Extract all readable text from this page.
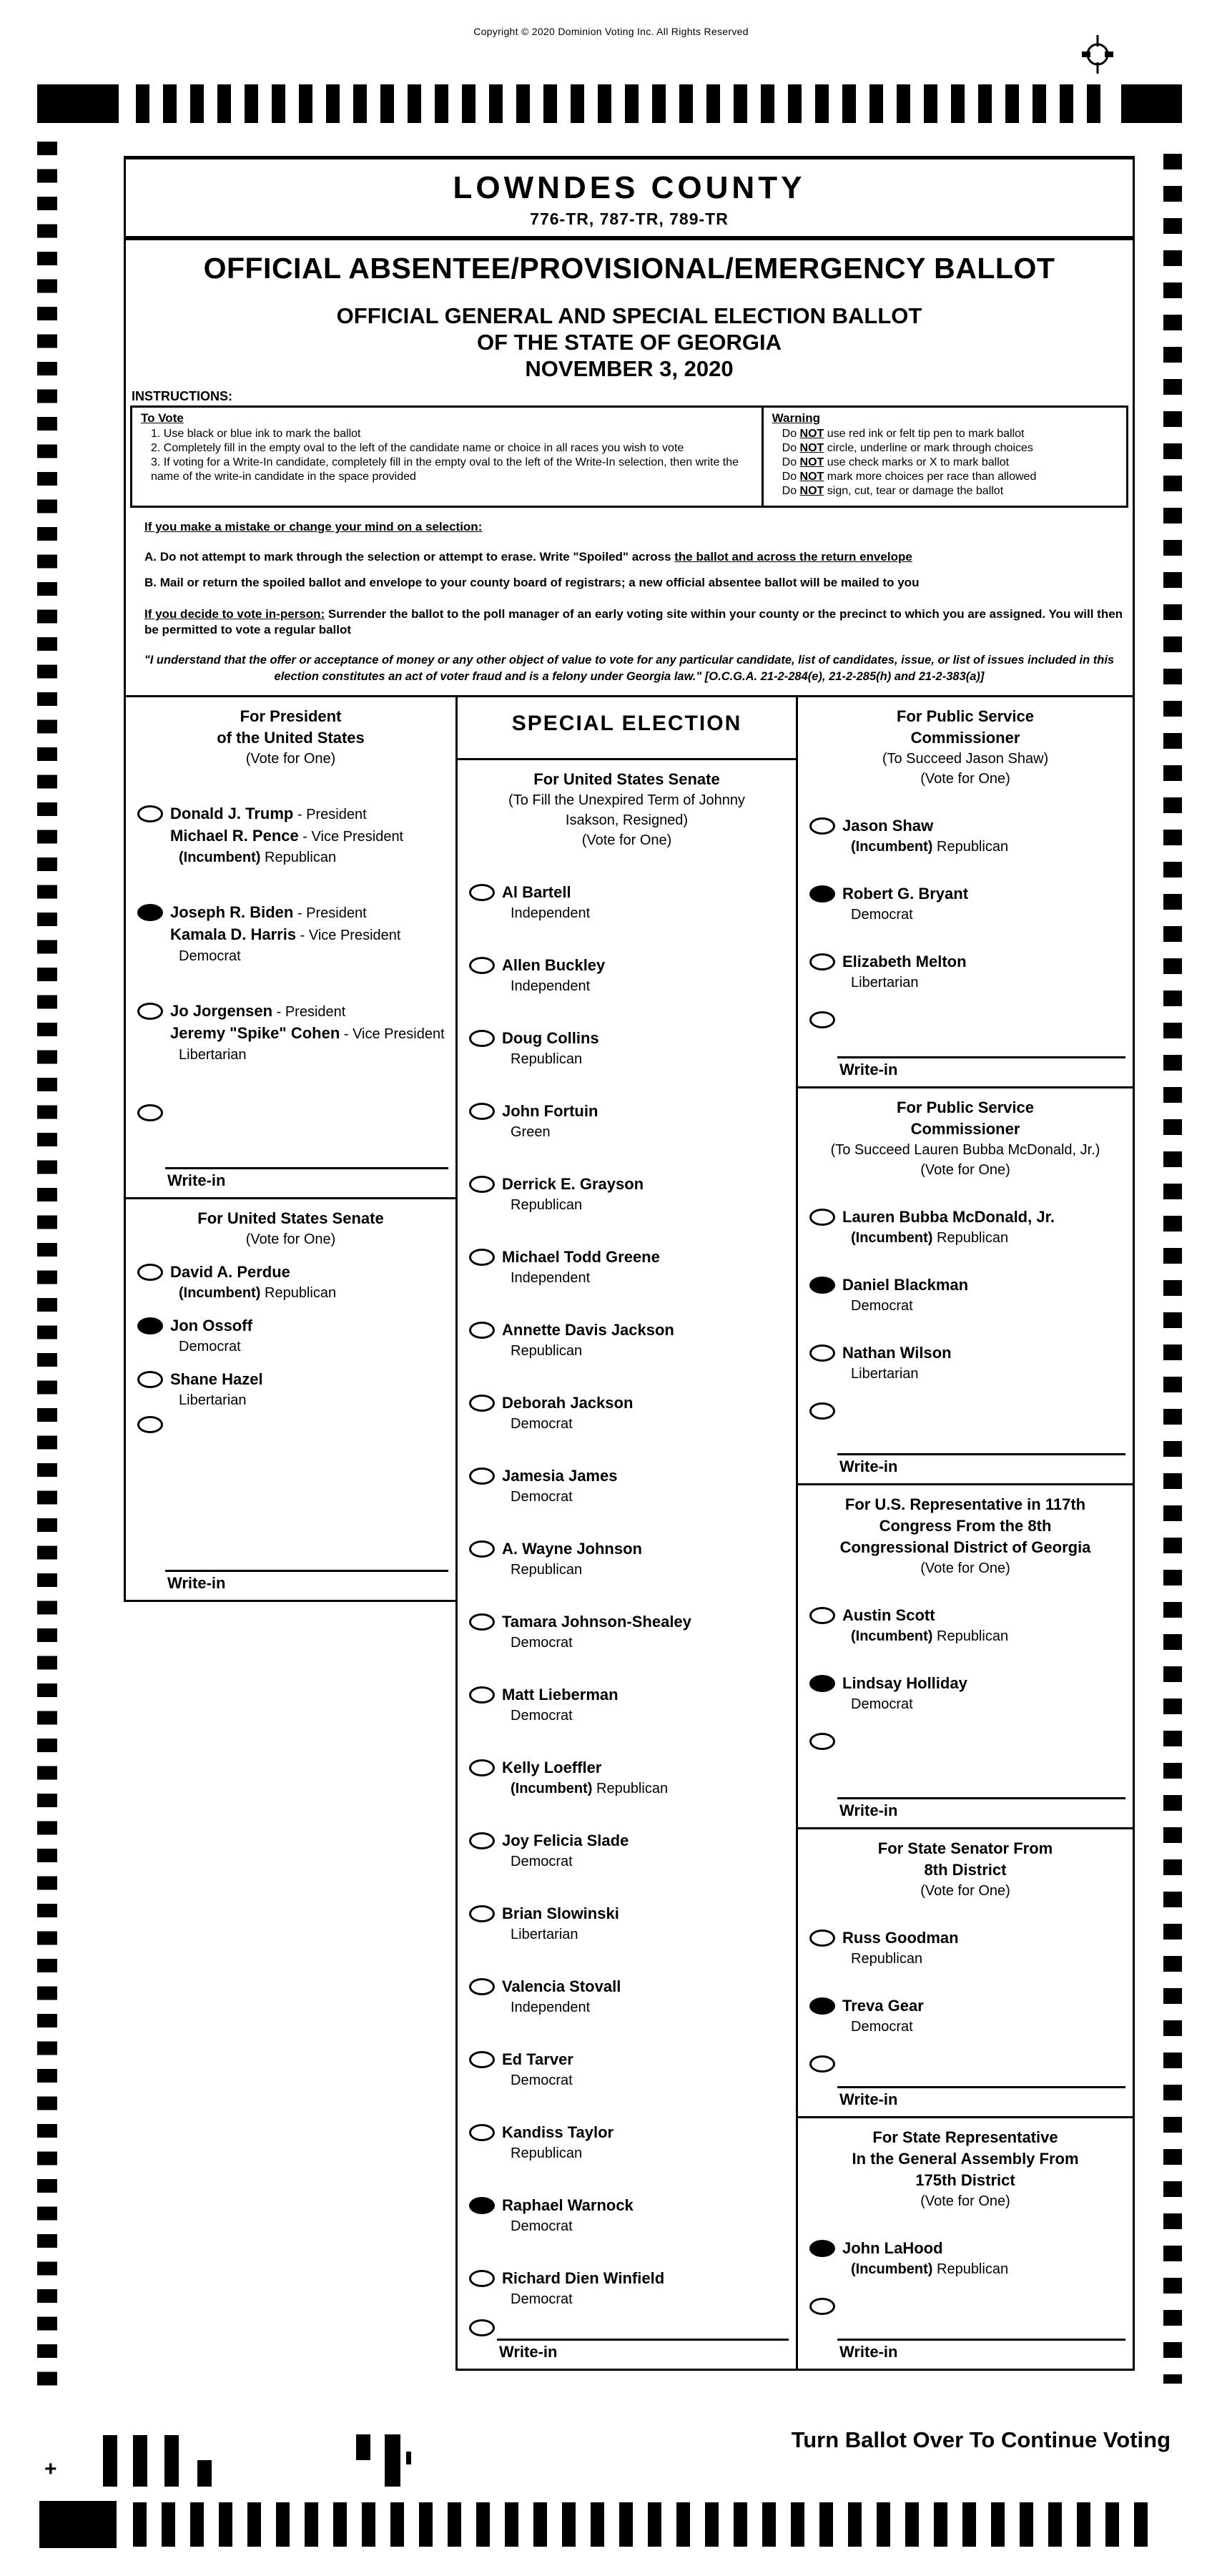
Copyright © 2020 Dominion Voting Inc. All Rights Reserved
LOWNDES COUNTY
776-TR, 787-TR, 789-TR
OFFICIAL ABSENTEE/PROVISIONAL/EMERGENCY BALLOT
OFFICIAL GENERAL AND SPECIAL ELECTION BALLOT
OF THE STATE OF GEORGIA
NOVEMBER 3, 2020
INSTRUCTIONS:
To Vote
1. Use black or blue ink to mark the ballot
2. Completely fill in the empty oval to the left of the candidate name or choice in all races you wish to vote
3. If voting for a Write-In candidate, completely fill in the empty oval to the left of the Write-In selection, then write the name of the write-in candidate in the space provided
Warning
Do NOT use red ink or felt tip pen to mark ballot
Do NOT circle, underline or mark through choices
Do NOT use check marks or X to mark ballot
Do NOT mark more choices per race than allowed
Do NOT sign, cut, tear or damage the ballot
If you make a mistake or change your mind on a selection:
A. Do not attempt to mark through the selection or attempt to erase. Write "Spoiled" across the ballot and across the return envelope
B. Mail or return the spoiled ballot and envelope to your county board of registrars; a new official absentee ballot will be mailed to you
If you decide to vote in-person: Surrender the ballot to the poll manager of an early voting site within your county or the precinct to which you are assigned. You will then be permitted to vote a regular ballot
"I understand that the offer or acceptance of money or any other object of value to vote for any particular candidate, list of candidates, issue, or list of issues included in this election constitutes an act of voter fraud and is a felony under Georgia law." [O.C.G.A. 21-2-284(e), 21-2-285(h) and 21-2-383(a)]
For President
of the United States
(Vote for One)
Donald J. Trump - President
Michael R. Pence - Vice President
(Incumbent) Republican
Joseph R. Biden - President
Kamala D. Harris - Vice President
Democrat
Jo Jorgensen - President
Jeremy "Spike" Cohen - Vice President
Libertarian
Write-in
For United States Senate
(Vote for One)
David A. Perdue
(Incumbent) Republican
Jon Ossoff
Democrat
Shane Hazel
Libertarian
Write-in
SPECIAL ELECTION
For United States Senate
(To Fill the Unexpired Term of Johnny
Isakson, Resigned)
(Vote for One)
Al Bartell
Independent
Allen Buckley
Independent
Doug Collins
Republican
John Fortuin
Green
Derrick E. Grayson
Republican
Michael Todd Greene
Independent
Annette Davis Jackson
Republican
Deborah Jackson
Democrat
Jamesia James
Democrat
A. Wayne Johnson
Republican
Tamara Johnson-Shealey
Democrat
Matt Lieberman
Democrat
Kelly Loeffler
(Incumbent) Republican
Joy Felicia Slade
Democrat
Brian Slowinski
Libertarian
Valencia Stovall
Independent
Ed Tarver
Democrat
Kandiss Taylor
Republican
Raphael Warnock
Democrat
Richard Dien Winfield
Democrat
Write-in
For Public Service
Commissioner
(To Succeed Jason Shaw)
(Vote for One)
Jason Shaw
(Incumbent) Republican
Robert G. Bryant
Democrat
Elizabeth Melton
Libertarian
Write-in
For Public Service
Commissioner
(To Succeed Lauren Bubba McDonald, Jr.)
(Vote for One)
Lauren Bubba McDonald, Jr.
(Incumbent) Republican
Daniel Blackman
Democrat
Nathan Wilson
Libertarian
Write-in
For U.S. Representative in 117th
Congress From the 8th
Congressional District of Georgia
(Vote for One)
Austin Scott
(Incumbent) Republican
Lindsay Holliday
Democrat
Write-in
For State Senator From
8th District
(Vote for One)
Russ Goodman
Republican
Treva Gear
Democrat
Write-in
For State Representative
In the General Assembly From
175th District
(Vote for One)
John LaHood
(Incumbent) Republican
Write-in
+
Turn Ballot Over To Continue Voting
